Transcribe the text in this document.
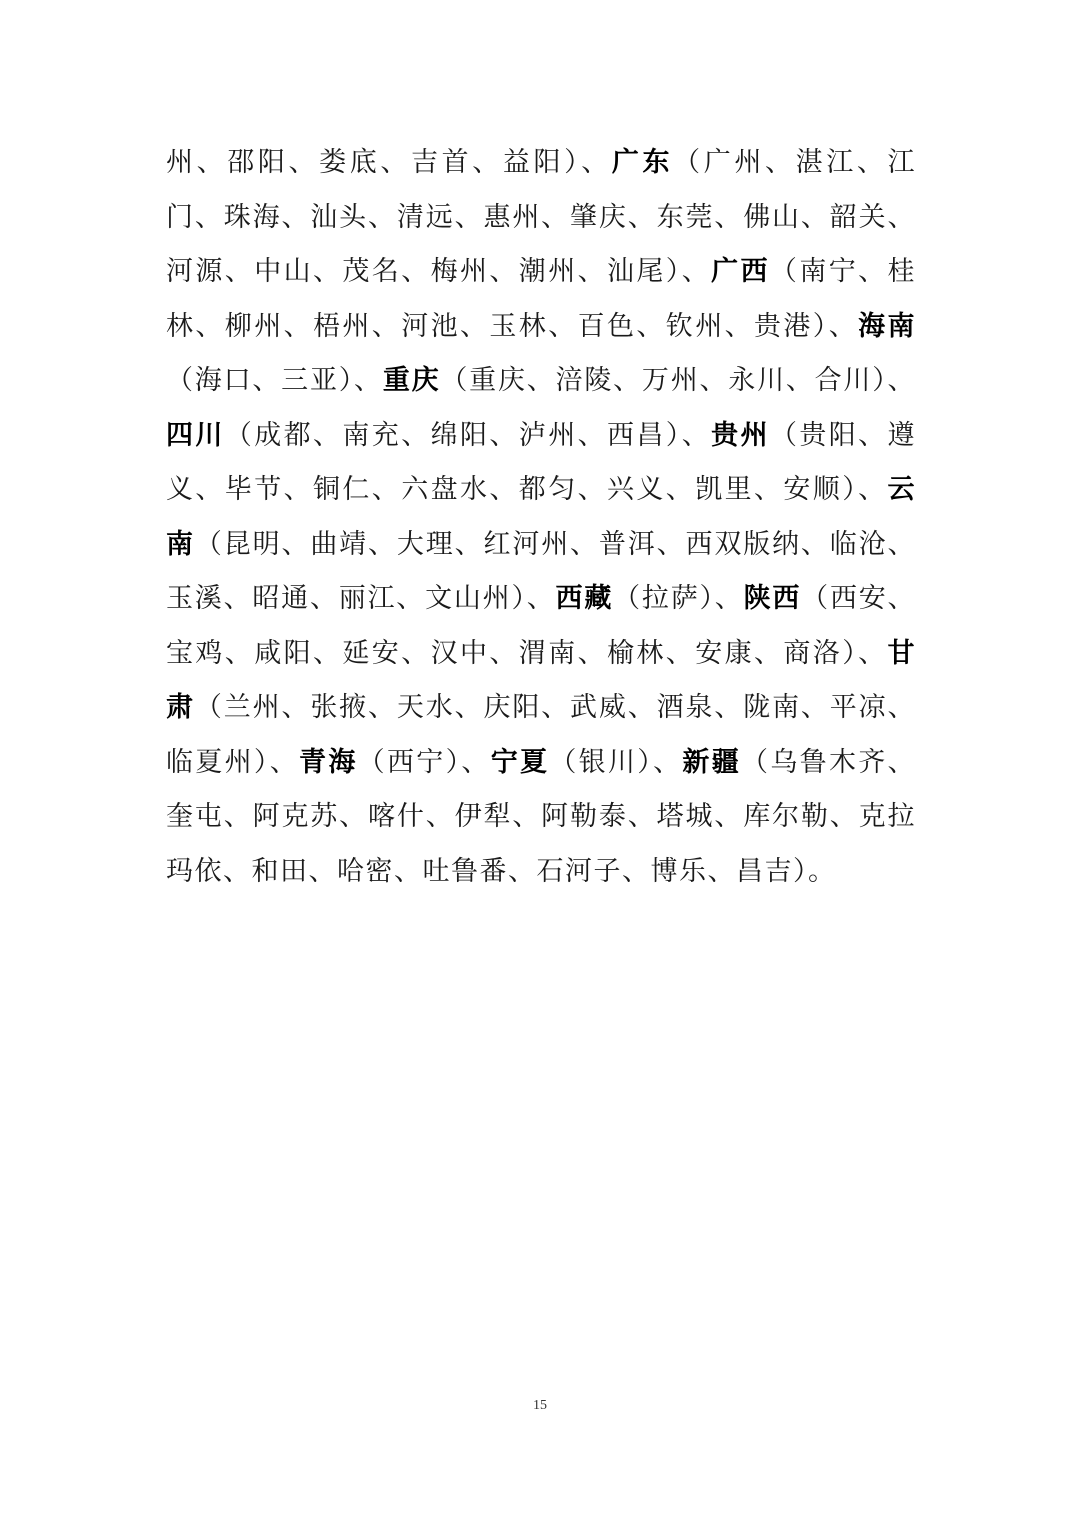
州、邵阳、娄底、吉首、益阳）、广东（广州、湛江、江门、珠海、汕头、清远、惠州、肇庆、东莞、佛山、韶关、河源、中山、茂名、梅州、潮州、汕尾）、广西（南宁、桂林、柳州、梧州、河池、玉林、百色、钦州、贵港）、海南（海口、三亚）、重庆（重庆、涪陵、万州、永川、合川）、四川（成都、南充、绵阳、泸州、西昌）、贵州（贵阳、遵义、毕节、铜仁、六盘水、都匀、兴义、凯里、安顺）、云南（昆明、曲靖、大理、红河州、普洱、西双版纳、临沧、玉溪、昭通、丽江、文山州）、西藏（拉萨）、陕西（西安、宝鸡、咸阳、延安、汉中、渭南、榆林、安康、商洛）、甘肃（兰州、张掖、天水、庆阳、武威、酒泉、陇南、平凉、临夏州）、青海（西宁）、宁夏（银川）、新疆（乌鲁木齐、奎屯、阿克苏、喀什、伊犁、阿勒泰、塔城、库尔勒、克拉玛依、和田、哈密、吐鲁番、石河子、博乐、昌吉）。

15
